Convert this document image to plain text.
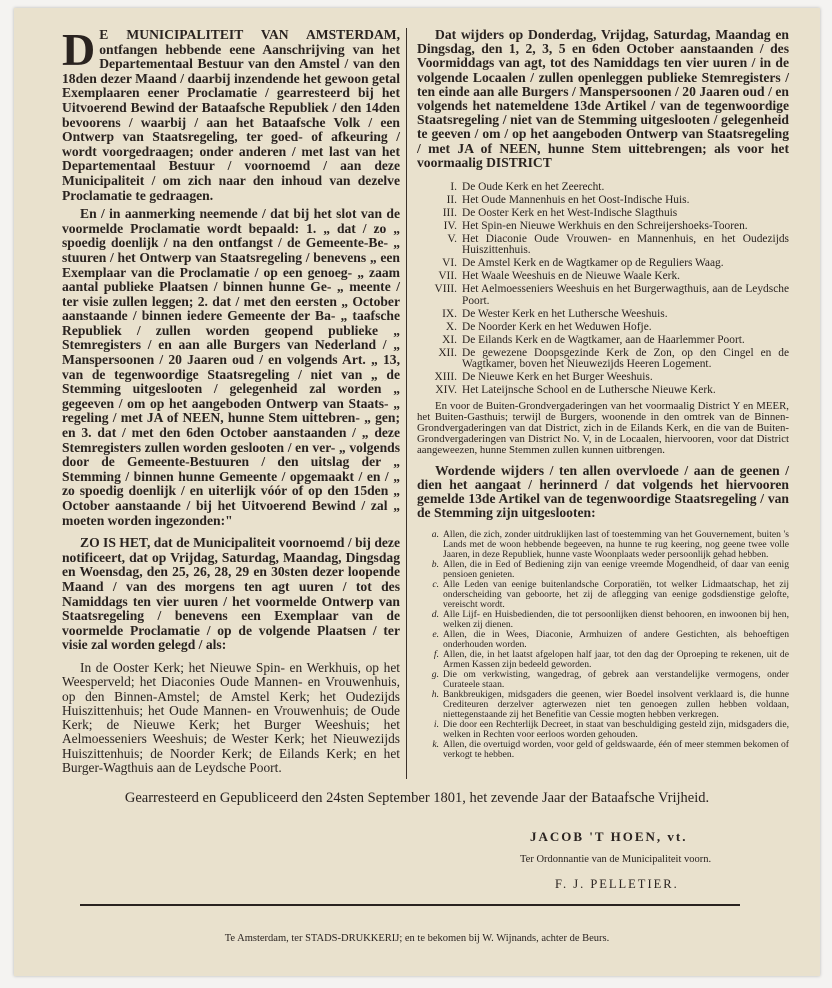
D E MUNICIPALITEIT VAN AMSTERDAM, ontfangen hebbende eene Aanschrijving van het Departementaal Bestuur van den Amstel / van den 18den dezer Maand / daarbij inzendende het gewoon getal Exemplaaren eener Proclamatie / gearresteerd bij het Uitvoerend Bewind der Bataafsche Republiek / den 14den bevoorens / waarbij / aan het Bataafsche Volk / een Ontwerp van Staatsregeling, ter goed- of afkeuring / wordt voorgedraagen; onder anderen / met last van het Departementaal Bestuur / voornoemd / aan deze Municipaliteit / om zich naar den inhoud van dezelve Proclamatie te gedraagen.

En / in aanmerking neemende / dat bij het slot van de voormelde Proclamatie wordt bepaald: 1. „ dat / zo „ spoedig doenlijk / na den ontfangst / de Gemeente-Be- „ stuuren / het Ontwerp van Staatsregeling / benevens „ een Exemplaar van die Proclamatie / op een genoeg- „ zaam aantal publieke Plaatsen / binnen hunne Ge- „ meente / ter visie zullen leggen; 2. dat / met den eersten „ October aanstaande / binnen iedere Gemeente der Ba- „ taafsche Republiek / zullen worden geopend publieke „ Stemregisters / en aan alle Burgers van Nederland / „ Manspersoonen / 20 Jaaren oud / en volgends Art. „ 13, van de tegenwoordige Staatsregeling / niet van „ de Stemming uitgeslooten / gelegenheid zal worden „ gegeeven / om op het aangeboden Ontwerp van Staats- „ regeling / met JA of NEEN, hunne Stem uittebren- „ gen; en 3. dat / met den 6den October aanstaanden / „ deze Stemregisters zullen worden geslooten / en ver- „ volgends door de Gemeente-Bestuuren / den uitslag der „ Stemming / binnen hunne Gemeente / opgemaakt / en / „ zo spoedig doenlijk / en uiterlijk vóór of op den 15den „ October aanstaande / bij het Uitvoerend Bewind / zal „ moeten worden ingezonden:"

ZO IS HET, dat de Municipaliteit voornoemd / bij deze notificeert, dat op Vrijdag, Saturdag, Maandag, Dingsdag en Woensdag, den 25, 26, 28, 29 en 30sten dezer loopende Maand / van des morgens ten agt uuren / tot des Namiddags ten vier uuren / het voormelde Ontwerp van Staatsregeling / benevens een Exemplaar van de voormelde Proclamatie / op de volgende Plaatsen / ter visie zal worden gelegd / als:

In de Ooster Kerk; het Nieuwe Spin- en Werkhuis, op het Weesperveld; het Diaconies Oude Mannen- en Vrouwenhuis, op den Binnen-Amstel; de Amstel Kerk; het Oudezijds Huiszittenhuis; het Oude Mannen- en Vrouwenhuis; de Oude Kerk; de Nieuwe Kerk; het Burger Weeshuis; het Aelmoesseniers Weeshuis; de Wester Kerk; het Nieuwezijds Huiszittenhuis; de Noorder Kerk; de Eilands Kerk; en het Burger-Wagthuis aan de Leydsche Poort.

Dat wijders op Donderdag, Vrijdag, Saturdag, Maandag en Dingsdag, den 1, 2, 3, 5 en 6den October aanstaanden / des Voormiddags van agt, tot des Namiddags ten vier uuren / in de volgende Locaalen / zullen openleggen publieke Stemregisters / ten einde aan alle Burgers / Manspersoonen / 20 Jaaren oud / en volgends het natemeldene 13de Artikel / van de tegenwoordige Staatsregeling / niet van de Stemming uitgeslooten / gelegenheid te geeven / om / op het aangeboden Ontwerp van Staatsregeling / met JA of NEEN, hunne Stem uittebrengen; als voor het voormaalig DISTRICT

I. De Oude Kerk en het Zeerecht.
II. Het Oude Mannenhuis en het Oost-Indische Huis.
III. De Ooster Kerk en het West-Indische Slagthuis
IV. Het Spin-en Nieuwe Werkhuis en den Schreijershoeks-Tooren.
V. Het Diaconie Oude Vrouwen- en Mannenhuis, en het Oudezijds Huiszittenhuis.
VI. De Amstel Kerk en de Wagtkamer op de Reguliers Waag.
VII. Het Waale Weeshuis en de Nieuwe Waale Kerk.
VIII. Het Aelmoesseniers Weeshuis en het Burgerwagthuis, aan de Leydsche Poort.
IX. De Wester Kerk en het Luthersche Weeshuis.
X. De Noorder Kerk en het Weduwen Hofje.
XI. De Eilands Kerk en de Wagtkamer, aan de Haarlemmer Poort.
XII. De gewezene Doopsgezinde Kerk de Zon, op den Cingel en de Wagtkamer, boven het Nieuwezijds Heeren Logement.
XIII. De Nieuwe Kerk en het Burger Weeshuis.
XIV. Het Lateijnsche School en de Luthersche Nieuwe Kerk.

En voor de Buiten-Grondvergaderingen van het voormaalig District Y en MEER, het Buiten-Gasthuis; terwijl de Burgers, woonende in den omtrek van de Binnen-Grondvergaderingen van dat District, zich in de Eilands Kerk, en die van de Buiten-Grondvergaderingen van District No. V, in de Locaalen, hiervooren, voor dat District aangeweezen, hunne Stemmen zullen kunnen uitbrengen.

Wordende wijders / ten allen overvloede / aan de geenen / dien het aangaat / herinnerd / dat volgends het hiervooren gemelde 13de Artikel van de tegenwoordige Staatsregeling / van de Stemming zijn uitgeslooten:

a. Allen, die zich, zonder uitdruklijken last of toestemming van het Gouvernement, buiten 's Lands met de woon hebbende begeeven, na hunne te rug keering, nog geene twee volle Jaaren, in deze Republiek, hunne vaste Woonplaats weder persoonlijk gehad hebben.
b. Allen, die in Eed of Bediening zijn van eenige vreemde Mogendheid, of daar van eenig pensioen genieten.
c. Alle Leden van eenige buitenlandsche Corporatiën, tot welker Lidmaatschap, het zij onderscheiding van geboorte, het zij de aflegging van eenige godsdienstige gelofte, vereischt wordt.
d. Alle Lijf- en Huisbedienden, die tot persoonlijken dienst behooren, en inwoonen bij hen, welken zij dienen.
e. Allen, die in Wees, Diaconie, Armhuizen of andere Gestichten, als behoeftigen onderhouden worden.
f. Allen, die, in het laatst afgelopen half jaar, tot den dag der Oproeping te rekenen, uit de Armen Kassen zijn bedeeld geworden.
g. Die om verkwisting, wangedrag, of gebrek aan verstandelijke vermogens, onder Curateele staan.
h. Bankbreukigen, midsgaders die geenen, wier Boedel insolvent verklaard is, die hunne Crediteuren derzelver agterwezen niet ten genoegen zullen hebben voldaan, niettegenstaande zij het Benefitie van Cessie mogten hebben verkregen.
i. Die door een Rechterlijk Decreet, in staat van beschuldiging gesteld zijn, midsgaders die, welken in Rechten voor eerloos worden gehouden.
k. Allen, die overtuigd worden, voor geld of geldswaarde, één of meer stemmen bekomen of verkogt te hebben.
Gearresteerd en Gepubliceerd den 24sten September 1801, het zevende Jaar der Bataafsche Vrijheid.
JACOB 'T HOEN, vt.
Ter Ordonnantie van de Municipaliteit voorn.
F. J. PELLETIER.
Te Amsterdam, ter STADS-DRUKKERIJ; en te bekomen bij W. Wijnands, achter de Beurs.
